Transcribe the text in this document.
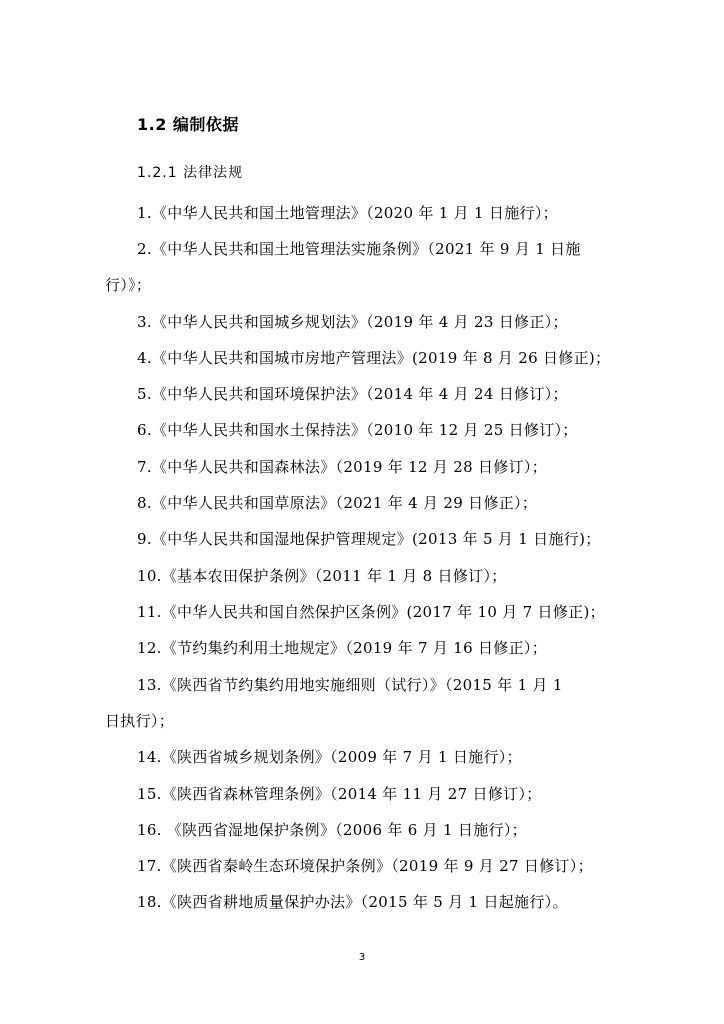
1.2 编制依据
1.2.1 法律法规
1.《中华人民共和国土地管理法》（2020 年 1 月 1 日施行）；
2.《中华人民共和国土地管理法实施条例》（2021 年 9 月 1 日施
行）》；
3.《中华人民共和国城乡规划法》（2019 年 4 月 23 日修正）；
4.《中华人民共和国城市房地产管理法》(2019 年 8 月 26 日修正)；
5.《中华人民共和国环境保护法》（2014 年 4 月 24 日修订）；
6.《中华人民共和国水土保持法》（2010 年 12 月 25 日修订）；
7.《中华人民共和国森林法》（2019 年 12 月 28 日修订）；
8.《中华人民共和国草原法》（2021 年 4 月 29 日修正）；
9.《中华人民共和国湿地保护管理规定》(2013 年 5 月 1 日施行)；
10.《基本农田保护条例》（2011 年 1 月 8 日修订）；
11.《中华人民共和国自然保护区条例》(2017 年 10 月 7 日修正)；
12.《节约集约利用土地规定》（2019 年 7 月 16 日修正）；
13.《陕西省节约集约用地实施细则（试行）》（2015 年 1 月 1
日执行）；
14.《陕西省城乡规划条例》（2009 年 7 月 1 日施行）；
15.《陕西省森林管理条例》（2014 年 11 月 27 日修订）；
16. 《陕西省湿地保护条例》（2006 年 6 月 1 日施行）；
17.《陕西省秦岭生态环境保护条例》（2019 年 9 月 27 日修订）；
18.《陕西省耕地质量保护办法》（2015 年 5 月 1 日起施行）。
3
